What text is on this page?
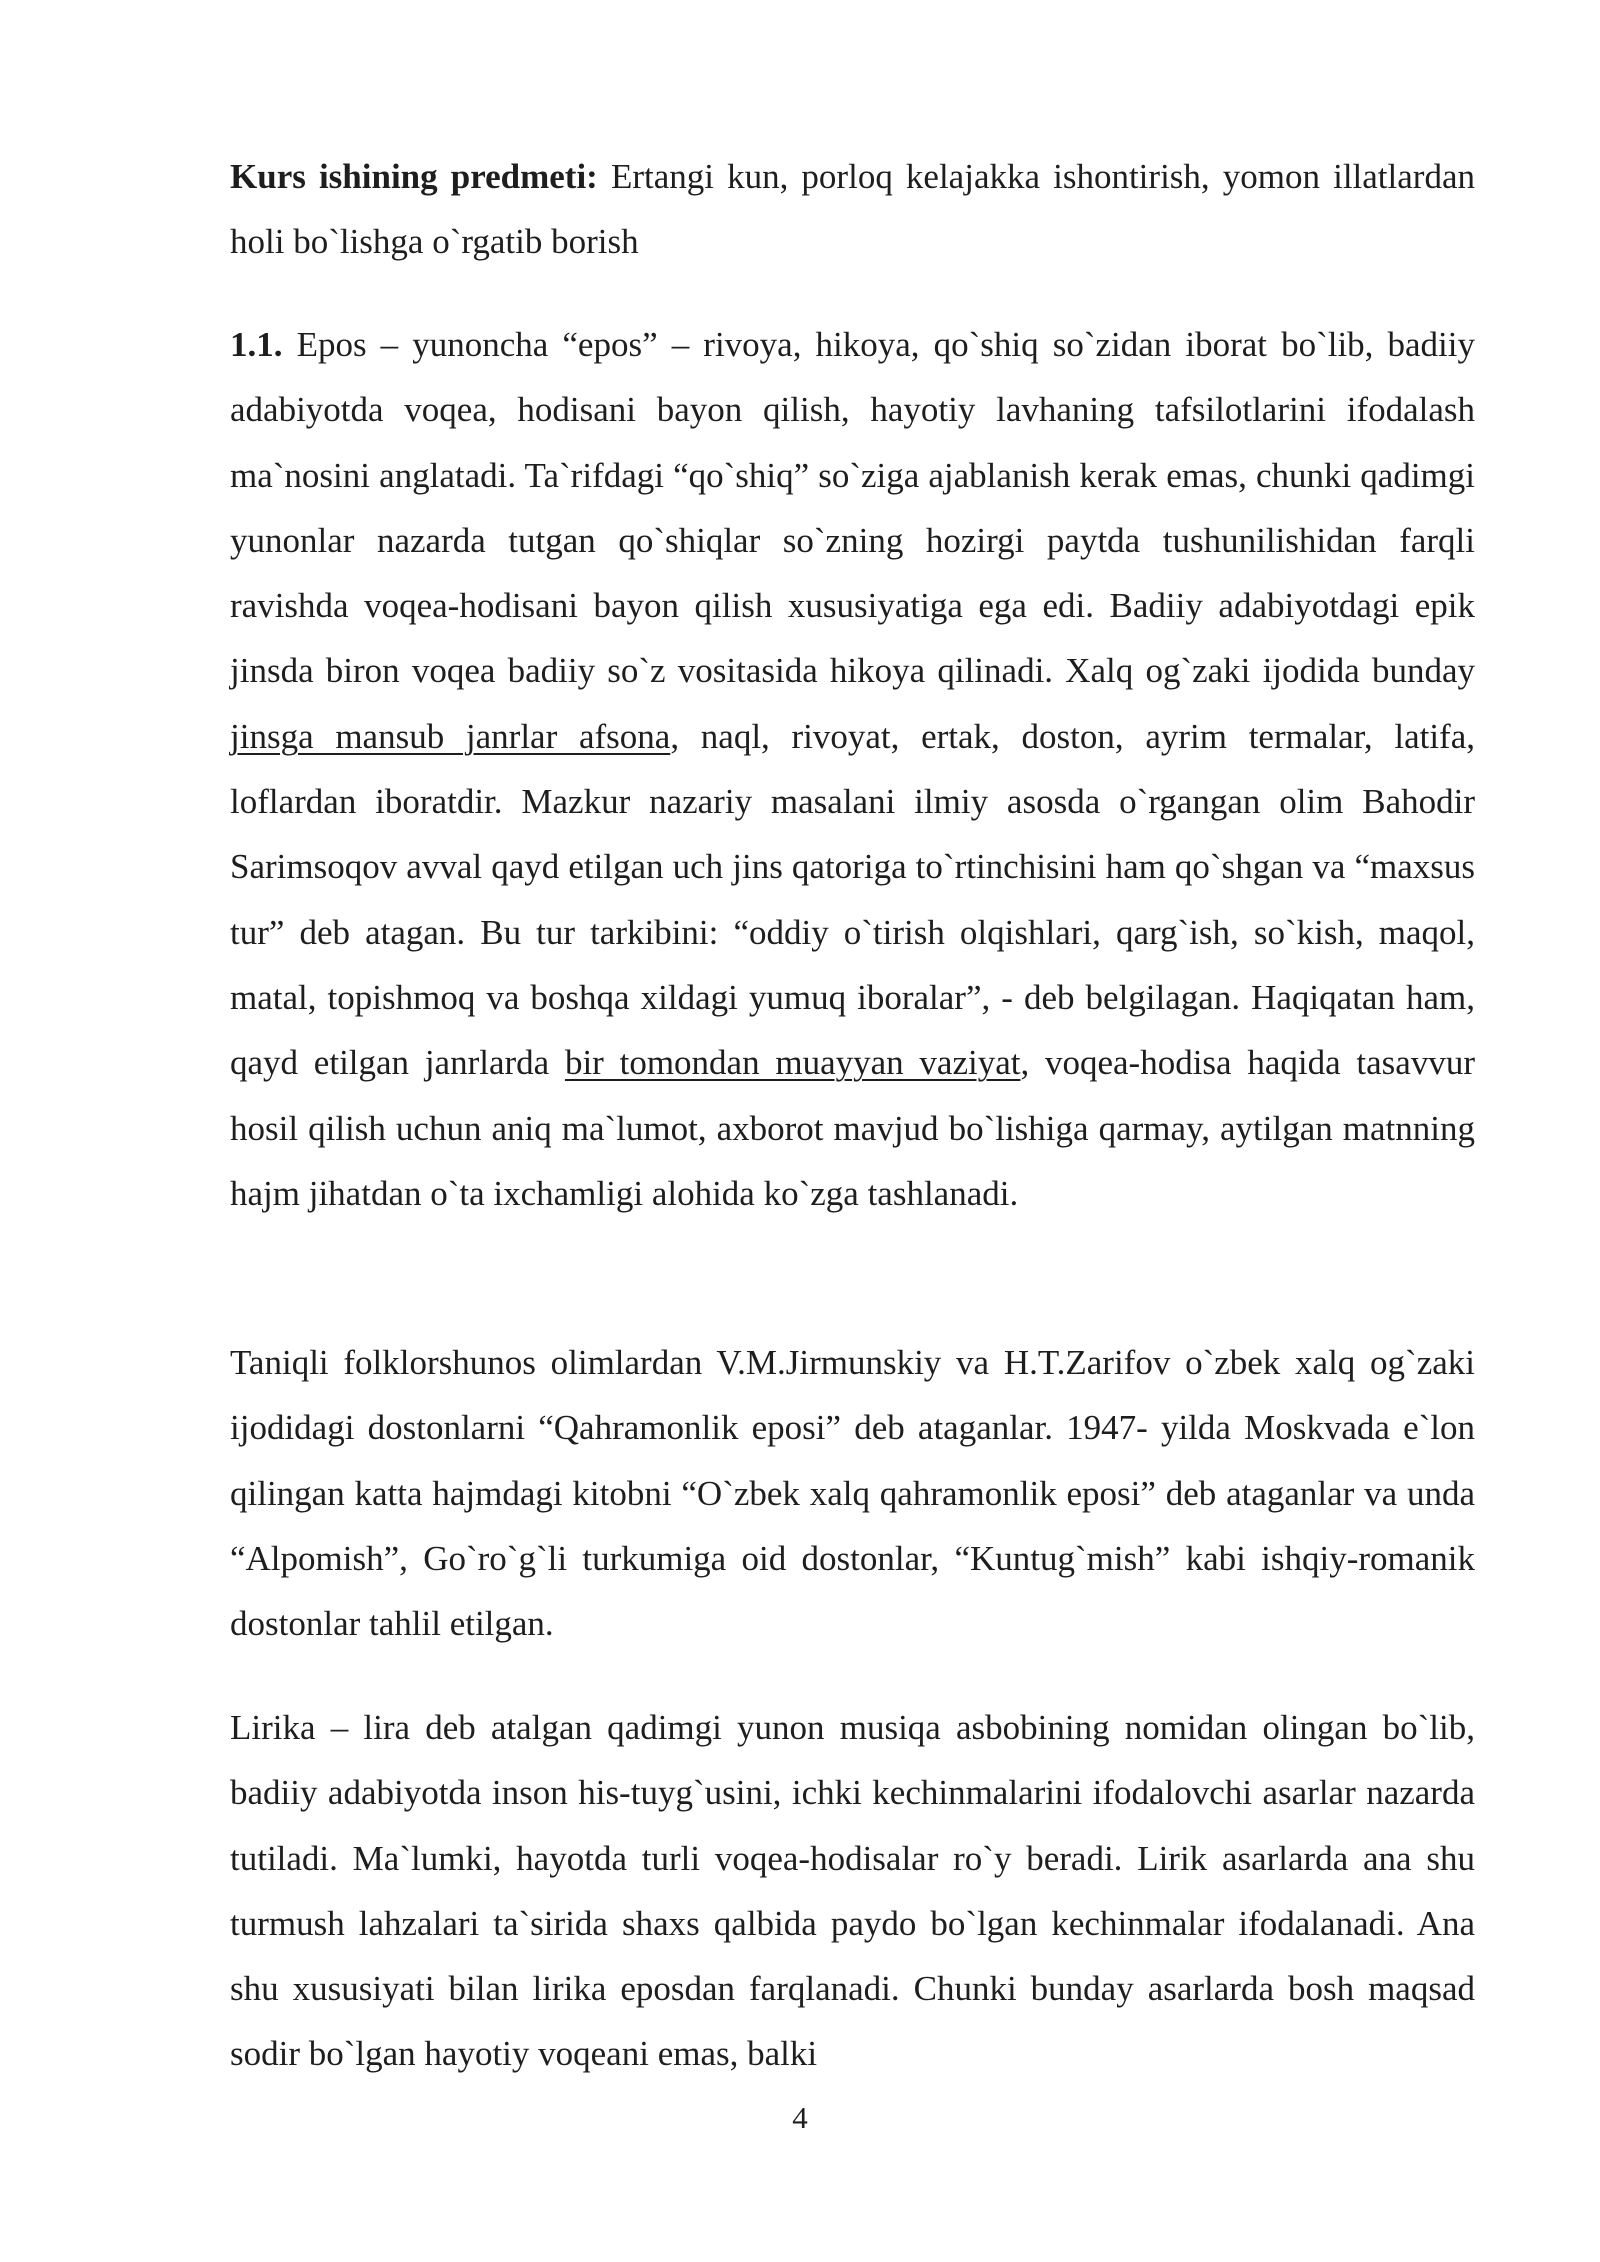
Kurs ishining predmeti: Ertangi kun, porloq kelajakka ishontirish, yomon illatlardan holi bo`lishga o`rgatib borish

1.1. Epos – yunoncha “epos” – rivoya, hikoya, qo`shiq so`zidan iborat bo`lib, badiiy adabiyotda voqea, hodisani bayon qilish, hayotiy lavhaning tafsilotlarini ifodalash ma`nosini anglatadi. Ta`rifdagi “qo`shiq” so`ziga ajablanish kerak emas, chunki qadimgi yunonlar nazarda tutgan qo`shiqlar so`zning hozirgi paytda tushunilishidan farqli ravishda voqea-hodisani bayon qilish xususiyatiga ega edi. Badiiy adabiyotdagi epik jinsda biron voqea badiiy so`z vositasida hikoya qilinadi. Xalq og`zaki ijodida bunday jinsga mansub janrlar afsona, naql, rivoyat, ertak, doston, ayrim termalar, latifa, loflardan iboratdir. Mazkur nazariy masalani ilmiy asosda o`rgangan olim Bahodir Sarimsoqov avval qayd etilgan uch jins qatoriga to`rtinchisini ham qo`shgan va “maxsus tur” deb atagan. Bu tur tarkibini: “oddiy o`tirish olqishlari, qarg`ish, so`kish, maqol, matal, topishmoq va boshqa xildagi yumuq iboralar”, - deb belgilagan. Haqiqatan ham, qayd etilgan janrlarda bir tomondan muayyan vaziyat, voqea-hodisa haqida tasavvur hosil qilish uchun aniq ma`lumot, axborot mavjud bo`lishiga qarmay, aytilgan matnning hajm jihatdan o`ta ixchamligi alohida ko`zga tashlanadi.

Taniqli folklorshunos olimlardan V.M.Jirmunskiy va H.T.Zarifov o`zbek xalq og`zaki ijodidagi dostonlarni “Qahramonlik eposi” deb ataganlar. 1947- yilda Moskvada e`lon qilingan katta hajmdagi kitobni “O`zbek xalq qahramonlik eposi” deb ataganlar va unda “Alpomish”, Go`ro`g`li turkumiga oid dostonlar, “Kuntug`mish” kabi ishqiy-romanik dostonlar tahlil etilgan.

Lirika – lira deb atalgan qadimgi yunon musiqa asbobining nomidan olingan bo`lib, badiiy adabiyotda inson his-tuyg`usini, ichki kechinmalarini ifodalovchi asarlar nazarda tutiladi. Ma`lumki, hayotda turli voqea-hodisalar ro`y beradi. Lirik asarlarda ana shu turmush lahzalari ta`sirida shaxs qalbida paydo bo`lgan kechinmalar ifodalanadi. Ana shu xususiyati bilan lirika eposdan farqlanadi. Chunki bunday asarlarda bosh maqsad sodir bo`lgan hayotiy voqeani emas, balki

4
